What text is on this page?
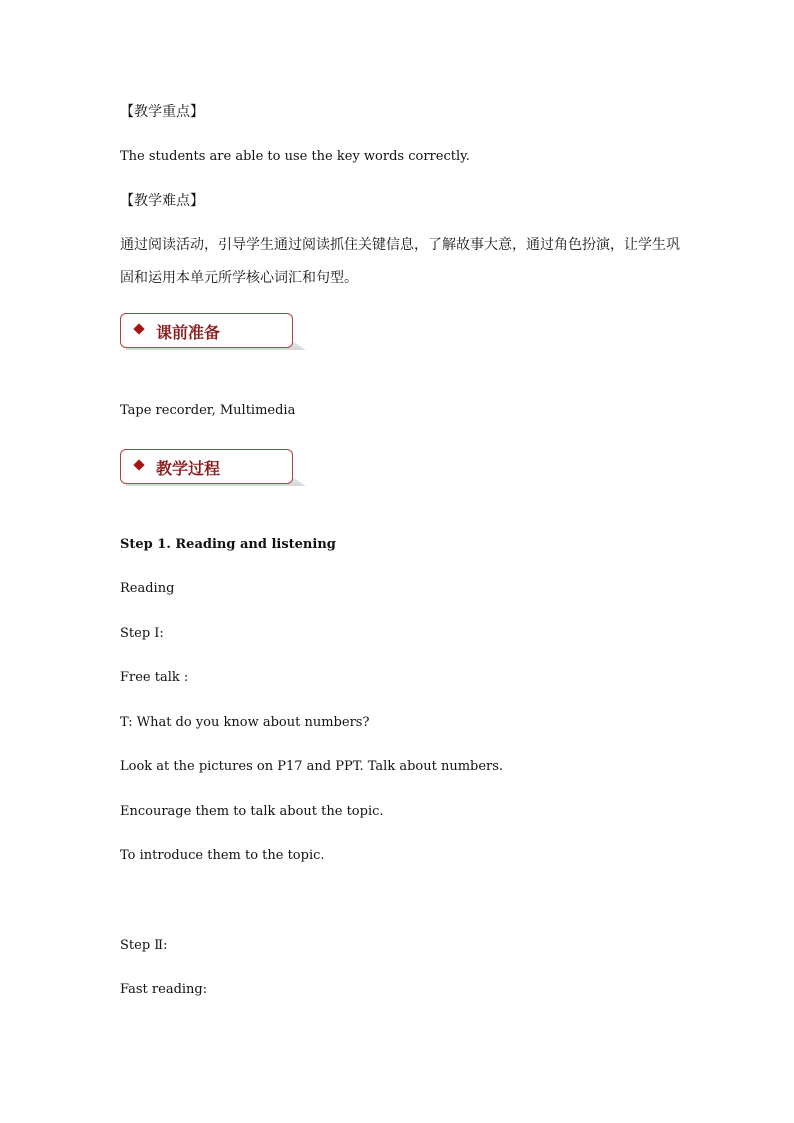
【教学重点】
The students are able to use the key words correctly.
【教学难点】
通过阅读活动，引导学生通过阅读抓住关键信息，了解故事大意，通过角色扮演，让学生巩
固和运用本单元所学核心词汇和句型。
课前准备
Tape recorder, Multimedia
教学过程
Step 1. Reading and listening
Reading
Step Ⅰ:
Free talk :
T: What do you know about numbers?
Look at the pictures on P17 and PPT. Talk about numbers.
Encourage them to talk about the topic.
To introduce them to the topic.
Step Ⅱ:
Fast reading:
